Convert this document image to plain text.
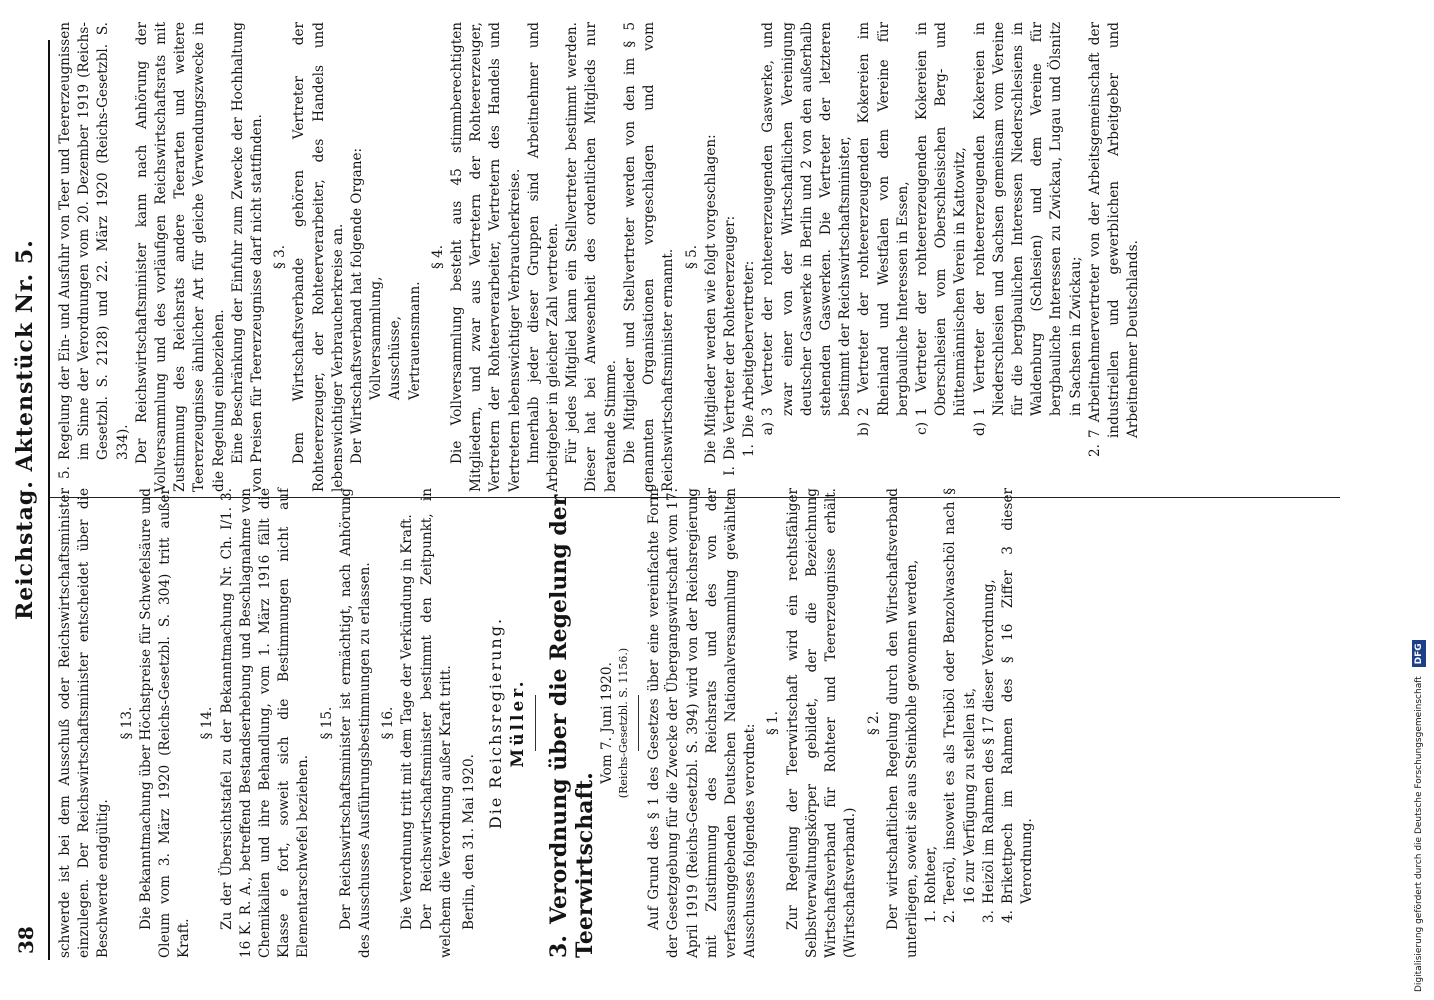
38
Reichstag. Aktenstück Nr. 5.

schwerde ist bei dem Ausschuß oder Reichswirtschaftsminister einzulegen. Der Reichswirtschaftsminister entscheidet über die Beschwerde endgültig.

§ 13. Die Bekanntmachung über Höchstpreise für Schwefelsäure und Oleum vom 3. März 1920 (Reichs-Gesetzbl. S. 304) tritt außer Kraft.

§ 14. Zu der Übersichtstafel zu der Bekanntmachung Nr. Ch. I/1. 3. 16 K. R. A., betreffend Bestandserhebung und Beschlagnahme von Chemikalien und ihre Behandlung, vom 1. März 1916 fällt die Klasse e fort, soweit sich die Bestimmungen nicht auf Elementarschwefel beziehen.

§ 15. Der Reichswirtschaftsminister ist ermächtigt, nach Anhörung des Ausschusses Ausführungsbestimmungen zu erlassen. § 16. Die Verordnung tritt mit dem Tage der Verkündung in Kraft. Der Reichswirtschaftsminister bestimmt den Zeitpunkt, in welchem die Verordnung außer Kraft tritt. Berlin, den 31. Mai 1920.

Die Reichsregierung. Müller.
3.Verordnung über die Regelung der Teerwirtschaft.
Vom 7. Juni 1920. (Reichs-Gesetzbl. S. 1156.) Auf Grund des § 1 des Gesetzes über eine vereinfachte Form der Gesetzgebung für die Zwecke der Übergangswirtschaft vom 17. April 1919 (Reichs-Gesetzbl. S. 394) wird von der Reichsregierung mit Zustimmung des Reichsrats und des von der verfassunggebenden Deutschen Nationalversammlung gewählten Ausschusses folgendes verordnet:

§ 1. Zur Regelung der Teerwirtschaft wird ein rechtsfähiger Selbstverwaltungskörper gebildet, der die Bezeichnung Wirtschaftsverband für Rohteer und Teererzeugnisse erhält. (Wirtschaftsverband.)

§ 2. Der wirtschaftlichen Regelung durch den Wirtschaftsverband unterliegen, soweit sie aus Steinkohle gewonnen werden, 1.
Rohteer,
2.
Teeröl, insoweit es als Treiböl oder Benzolwaschöl nach § 16 zur Verfügung zu stellen ist,
3.
Heizöl im Rahmen des § 17 dieser Verordnung,
4.
Brikettpech im Rahmen des § 16 Ziffer 3 dieser Verordnung.
5.
Regelung der Ein- und Ausfuhr von Teer und Teererzeugnissen im Sinne der Verordnungen vom 20. Dezember 1919 (Reichs-Gesetzbl. S. 2128) und 22. März 1920 (Reichs-Gesetzbl. S. 334). Der Reichswirtschaftsminister kann nach Anhörung der Vollversammlung und des vorläufigen Reichswirtschaftsrats mit Zustimmung des Reichsrats andere Teerarten und weitere Teererzeugnisse ähnlicher Art für gleiche Verwendungszwecke in die Regelung einbeziehen. Eine Beschränkung der Einfuhr zum Zwecke der Hochhaltung von Preisen für Teererzeugnisse darf nicht stattfinden. § 3. Dem Wirtschaftsverbande gehören Vertreter der Rohteererzeuger, der Rohteerverarbeiter, des Handels und lebenswichtiger Verbraucherkreise an. Der Wirtschaftsverband hat folgende Organe: Vollversammlung, Ausschüsse, Vertrauensmann.
§ 4. Die Vollversammlung besteht aus 45 stimmberechtigten Mitgliedern, und zwar aus Vertretern der Rohteererzeuger, Vertretern der Rohteerverarbeiter, Vertretern des Handels und Vertretern lebenswichtiger Verbraucherkreise. Innerhalb jeder dieser Gruppen sind Arbeitnehmer und Arbeitgeber in gleicher Zahl vertreten. Für jedes Mitglied kann ein Stellvertreter bestimmt werden. Dieser hat bei Anwesenheit des ordentlichen Mitglieds nur beratende Stimme. Die Mitglieder und Stellvertreter werden von den im § 5 genannten Organisationen vorgeschlagen und vom Reichswirtschaftsminister ernannt. § 5. Die Mitglieder werden wie folgt vorgeschlagen:

I.
Die Vertreter der Rohteererzeuger: 1.
Die Arbeitgebervertreter: a)
3 Vertreter der rohteererzeugenden Gaswerke, und zwar einer von der Wirtschaftlichen Vereinigung deutscher Gaswerke in Berlin und 2 von den außerhalb stehenden Gaswerken. Die Vertreter der letzteren bestimmt der Reichswirtschaftsminister,
b)
2 Vertreter der rohteererzeugenden Kokereien im Rheinland und Westfalen von dem Vereine für bergbauliche Interessen in Essen,
c)
1 Vertreter der rohteererzeugenden Kokereien in Oberschlesien vom Oberschlesischen Berg- und hüttenmännischen Verein in Kattowitz,
d)
1 Vertreter der rohteererzeugenden Kokereien in Niederschlesien und Sachsen gemeinsam vom Vereine für die bergbaulichen Interessen Niederschlesiens in Waldenburg (Schlesien) und dem Vereine für bergbauliche Interessen zu Zwickau, Lugau und Ölsnitz in Sachsen in Zwickau;
2.
7 Arbeitnehmervertreter von der Arbeitsgemeinschaft der industriellen und gewerblichen Arbeitgeber und Arbeitnehmer Deutschlands.
Digitalisierung gefördert durch die Deutsche Forschungsgemeinschaft DFG
